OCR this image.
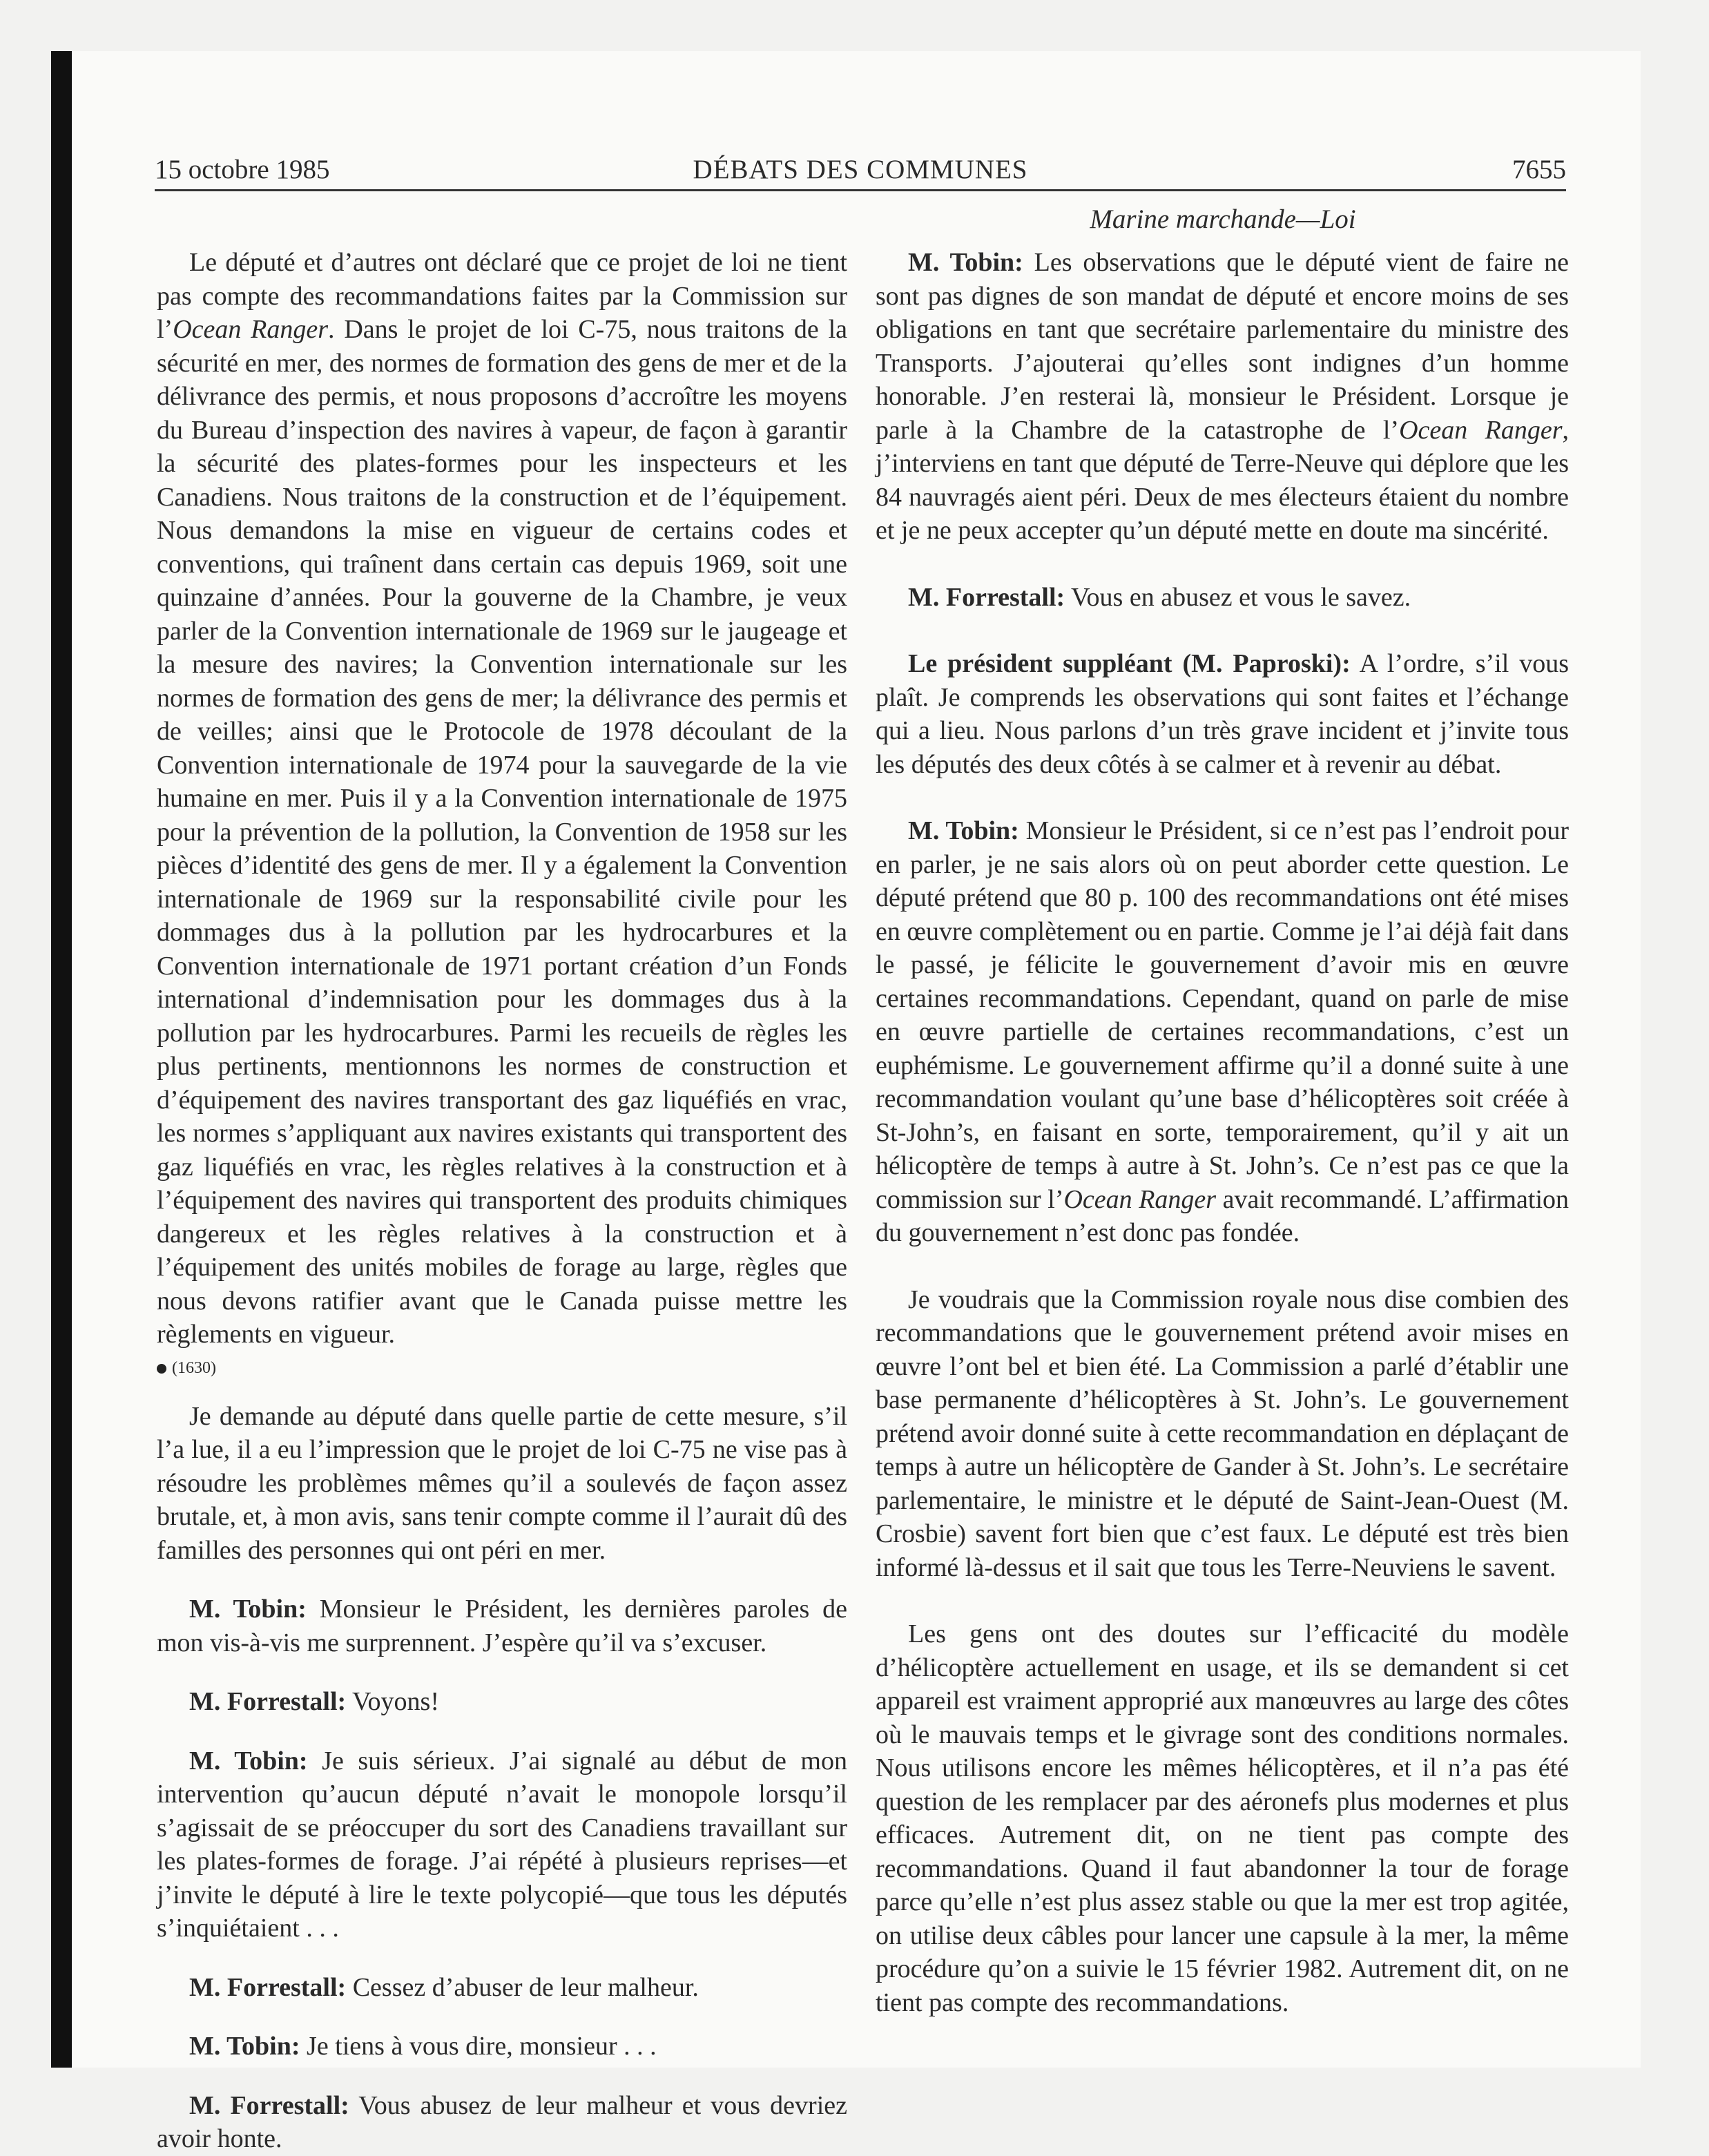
15 octobre 1985	DÉBATS DES COMMUNES	7655
Marine marchande—Loi

Le député et d’autres ont déclaré que ce projet de loi ne tient pas compte des recommandations faites par la Commission sur l’Ocean Ranger. Dans le projet de loi C-75, nous traitons de la sécurité en mer, des normes de formation des gens de mer et de la délivrance des permis, et nous proposons d’accroître les moyens du Bureau d’inspection des navires à vapeur, de façon à garantir la sécurité des plates-formes pour les inspecteurs et les Canadiens. Nous traitons de la construction et de l’équipement. Nous demandons la mise en vigueur de certains codes et conventions, qui traînent dans certain cas depuis 1969, soit une quinzaine d’années. Pour la gouverne de la Chambre, je veux parler de la Convention internationale de 1969 sur le jaugeage et la mesure des navires; la Convention internationale sur les normes de formation des gens de mer; la délivrance des permis et de veilles; ainsi que le Protocole de 1978 découlant de la Convention internationale de 1974 pour la sauvegarde de la vie humaine en mer. Puis il y a la Convention internationale de 1975 pour la prévention de la pollution, la Convention de 1958 sur les pièces d’identité des gens de mer. Il y a également la Convention internationale de 1969 sur la responsabilité civile pour les dommages dus à la pollution par les hydrocarbures et la Convention internationale de 1971 portant création d’un Fonds international d’indemnisation pour les dommages dus à la pollution par les hydrocarbures. Parmi les recueils de règles les plus pertinents, mentionnons les normes de construction et d’équipement des navires transportant des gaz liquéfiés en vrac, les normes s’appliquant aux navires existants qui transportent des gaz liquéfiés en vrac, les règles relatives à la construction et à l’équipement des navires qui transportent des produits chimiques dangereux et les règles relatives à la construction et à l’équipement des unités mobiles de forage au large, règles que nous devons ratifier avant que le Canada puisse mettre les règlements en vigueur.

(1630)

Je demande au député dans quelle partie de cette mesure, s’il l’a lue, il a eu l’impression que le projet de loi C-75 ne vise pas à résoudre les problèmes mêmes qu’il a soulevés de façon assez brutale, et, à mon avis, sans tenir compte comme il l’aurait dû des familles des personnes qui ont péri en mer.

M. Tobin: Monsieur le Président, les dernières paroles de mon vis-à-vis me surprennent. J’espère qu’il va s’excuser.

M. Forrestall: Voyons!

M. Tobin: Je suis sérieux. J’ai signalé au début de mon intervention qu’aucun député n’avait le monopole lorsqu’il s’agissait de se préoccuper du sort des Canadiens travaillant sur les plates-formes de forage. J’ai répété à plusieurs reprises—et j’invite le député à lire le texte polycopié—que tous les députés s’inquiétaient . . .

M. Forrestall: Cessez d’abuser de leur malheur.

M. Tobin: Je tiens à vous dire, monsieur . . .

M. Forrestall: Vous abusez de leur malheur et vous devriez avoir honte.

M. Tobin: Les observations que le député vient de faire ne sont pas dignes de son mandat de député et encore moins de ses obligations en tant que secrétaire parlementaire du ministre des Transports. J’ajouterai qu’elles sont indignes d’un homme honorable. J’en resterai là, monsieur le Président. Lorsque je parle à la Chambre de la catastrophe de l’Ocean Ranger, j’interviens en tant que député de Terre-Neuve qui déplore que les 84 nauvragés aient péri. Deux de mes électeurs étaient du nombre et je ne peux accepter qu’un député mette en doute ma sincérité.

M. Forrestall: Vous en abusez et vous le savez.

Le président suppléant (M. Paproski): A l’ordre, s’il vous plaît. Je comprends les observations qui sont faites et l’échange qui a lieu. Nous parlons d’un très grave incident et j’invite tous les députés des deux côtés à se calmer et à revenir au débat.

M. Tobin: Monsieur le Président, si ce n’est pas l’endroit pour en parler, je ne sais alors où on peut aborder cette question. Le député prétend que 80 p. 100 des recommandations ont été mises en œuvre complètement ou en partie. Comme je l’ai déjà fait dans le passé, je félicite le gouvernement d’avoir mis en œuvre certaines recommandations. Cependant, quand on parle de mise en œuvre partielle de certaines recommandations, c’est un euphémisme. Le gouvernement affirme qu’il a donné suite à une recommandation voulant qu’une base d’hélicoptères soit créée à St-John’s, en faisant en sorte, temporairement, qu’il y ait un hélicoptère de temps à autre à St. John’s. Ce n’est pas ce que la commission sur l’Ocean Ranger avait recommandé. L’affirmation du gouvernement n’est donc pas fondée.

Je voudrais que la Commission royale nous dise combien des recommandations que le gouvernement prétend avoir mises en œuvre l’ont bel et bien été. La Commission a parlé d’établir une base permanente d’hélicoptères à St. John’s. Le gouvernement prétend avoir donné suite à cette recommandation en déplaçant de temps à autre un hélicoptère de Gander à St. John’s. Le secrétaire parlementaire, le ministre et le député de Saint-Jean-Ouest (M. Crosbie) savent fort bien que c’est faux. Le député est très bien informé là-dessus et il sait que tous les Terre-Neuviens le savent.

Les gens ont des doutes sur l’efficacité du modèle d’hélicoptère actuellement en usage, et ils se demandent si cet appareil est vraiment approprié aux manœuvres au large des côtes où le mauvais temps et le givrage sont des conditions normales. Nous utilisons encore les mêmes hélicoptères, et il n’a pas été question de les remplacer par des aéronefs plus modernes et plus efficaces. Autrement dit, on ne tient pas compte des recommandations. Quand il faut abandonner la tour de forage parce qu’elle n’est plus assez stable ou que la mer est trop agitée, on utilise deux câbles pour lancer une capsule à la mer, la même procédure qu’on a suivie le 15 février 1982. Autrement dit, on ne tient pas compte des recommandations.
